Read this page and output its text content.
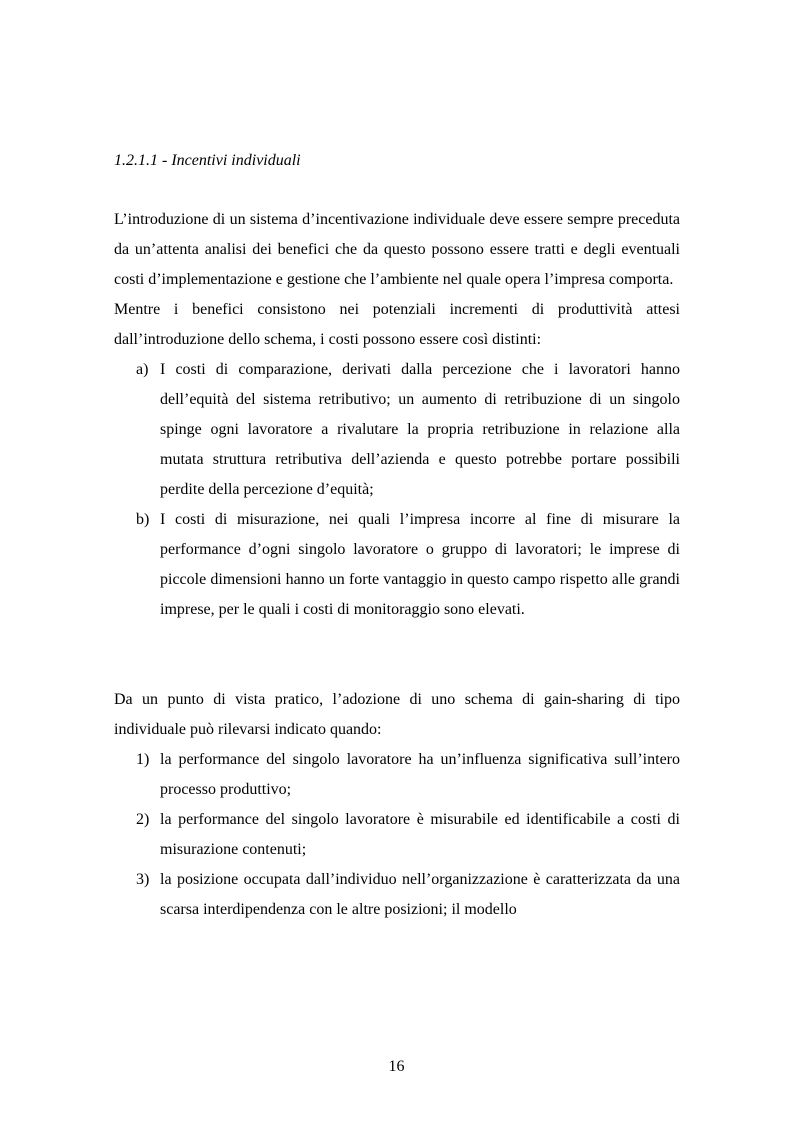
1.2.1.1 - Incentivi individuali

L’introduzione di un sistema d’incentivazione individuale deve essere sempre preceduta da un’attenta analisi dei benefici che da questo possono essere tratti e degli eventuali costi d’implementazione e gestione che l’ambiente nel quale opera l’impresa comporta.

Mentre i benefici consistono nei potenziali incrementi di produttività attesi dall’introduzione dello schema, i costi possono essere così distinti:

a) I costi di comparazione, derivati dalla percezione che i lavoratori hanno dell’equità del sistema retributivo; un aumento di retribuzione di un singolo spinge ogni lavoratore a rivalutare la propria retribuzione in relazione alla mutata struttura retributiva dell’azienda e questo potrebbe portare possibili perdite della percezione d’equità;
b) I costi di misurazione, nei quali l’impresa incorre al fine di misurare la performance d’ogni singolo lavoratore o gruppo di lavoratori; le imprese di piccole dimensioni hanno un forte vantaggio in questo campo rispetto alle grandi imprese, per le quali i costi di monitoraggio sono elevati.

Da un punto di vista pratico, l’adozione di uno schema di gain-sharing di tipo individuale può rilevarsi indicato quando:

1) la performance del singolo lavoratore ha un’influenza significativa sull’intero processo produttivo;
2) la performance del singolo lavoratore è misurabile ed identificabile a costi di misurazione contenuti;
3) la posizione occupata dall’individuo nell’organizzazione è caratterizzata da una scarsa interdipendenza con le altre posizioni; il modello
16
